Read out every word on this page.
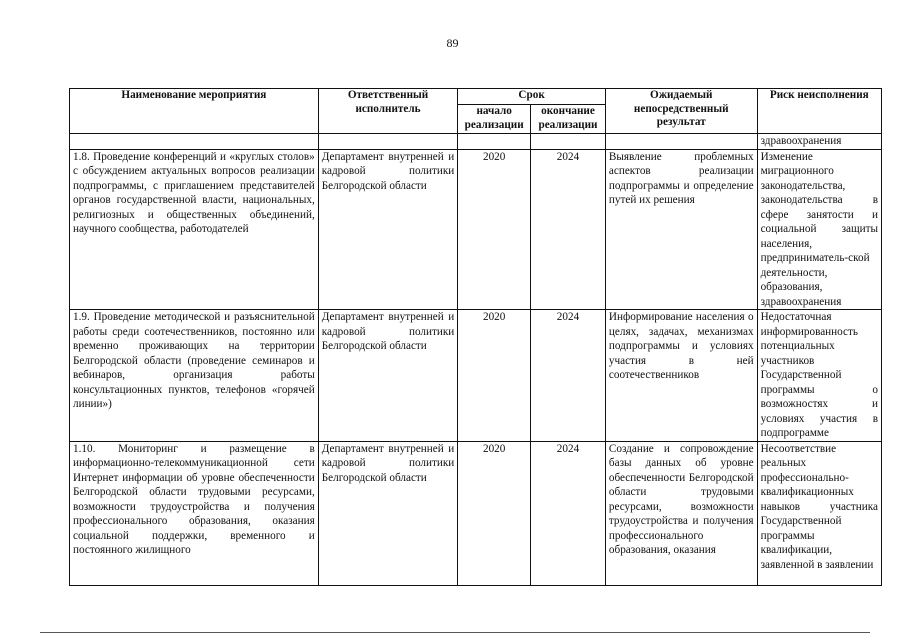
89
Наименование мероприятия	Ответственный исполнитель	Срок		Ожидаемый непосредственный результат	Риск неисполнения
		начало реализации	окончание реализации		
					здравоохранения
1.8. Проведение конференций и «круглых столов» с обсуждением актуальных вопросов реализации подпрограммы, с приглашением представителей органов государственной власти, национальных, религиозных и общественных объединений, научного сообщества, работодателей	Департамент внутренней и кадровой политики Белгородской области	2020	2024	Выявление проблемных аспектов реализации подпрограммы и определение путей их решения	Изменение миграционного законодательства, законодательства в сфере занятости и социальной защиты населения, предприниматель-ской деятельности, образования, здравоохранения
1.9. Проведение методической и разъяснительной работы среди соотечественников, постоянно или временно проживающих на территории Белгородской области (проведение семинаров и вебинаров, организация работы консультационных пунктов, телефонов «горячей линии»)	Департамент внутренней и кадровой политики Белгородской области	2020	2024	Информирование населения о целях, задачах, механизмах подпрограммы и условиях участия в ней соотечественников	Недостаточная информированность потенциальных участников Государственной программы о возможностях и условиях участия в подпрограмме
1.10. Мониторинг и размещение в информационно-телекоммуникационной сети Интернет информации об уровне обеспеченности Белгородской области трудовыми ресурсами, возможности трудоустройства и получения профессионального образования, оказания социальной поддержки, временного и постоянного жилищного	Департамент внутренней и кадровой политики Белгородской области	2020	2024	Создание и сопровождение базы данных об уровне обеспеченности Белгородской области трудовыми ресурсами, возможности трудоустройства и получения профессионального образования, оказания	Несоответствие реальных профессионально-квалификационных навыков участника Государственной программы квалификации, заявленной в заявлении
